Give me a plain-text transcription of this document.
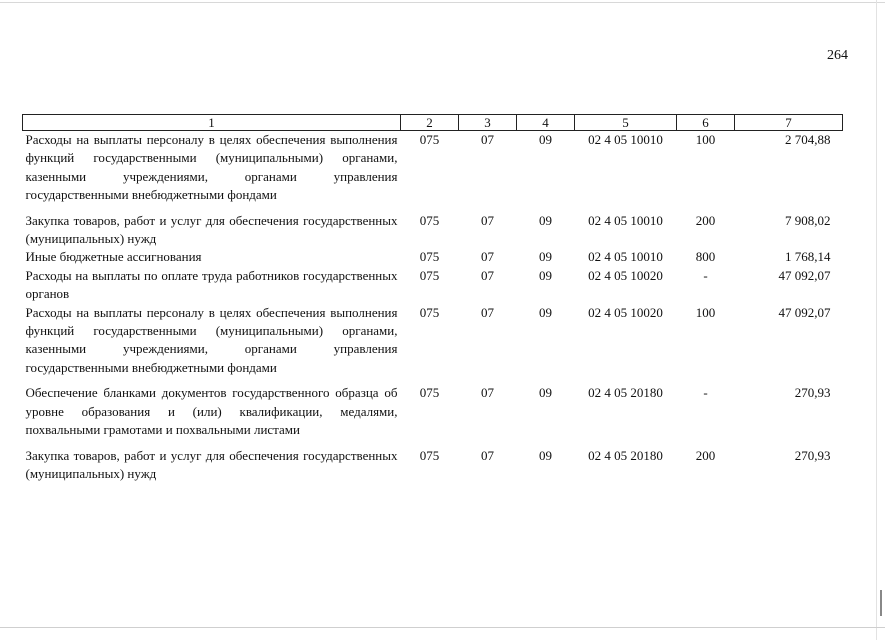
264
1	2	3	4	5	6	7
Расходы на выплаты персоналу в целях обеспечения выполнения функций государственными (муниципальными) органами, казенными учреждениями, органами управления государственными внебюджетными фондами	075	07	09	02 4 05 10010	100	2 704,88
Закупка товаров, работ и услуг для обеспечения государственных (муниципальных) нужд	075	07	09	02 4 05 10010	200	7 908,02
Иные бюджетные ассигнования	075	07	09	02 4 05 10010	800	1 768,14
Расходы на выплаты по оплате труда работников государственных органов	075	07	09	02 4 05 10020	-	47 092,07
Расходы на выплаты персоналу в целях обеспечения выполнения функций государственными (муниципальными) органами, казенными учреждениями, органами управления государственными внебюджетными фондами	075	07	09	02 4 05 10020	100	47 092,07
Обеспечение бланками документов государственного образца об уровне образования и (или) квалификации, медалями, похвальными грамотами и похвальными листами	075	07	09	02 4 05 20180	-	270,93
Закупка товаров, работ и услуг для обеспечения государственных (муниципальных) нужд	075	07	09	02 4 05 20180	200	270,93
